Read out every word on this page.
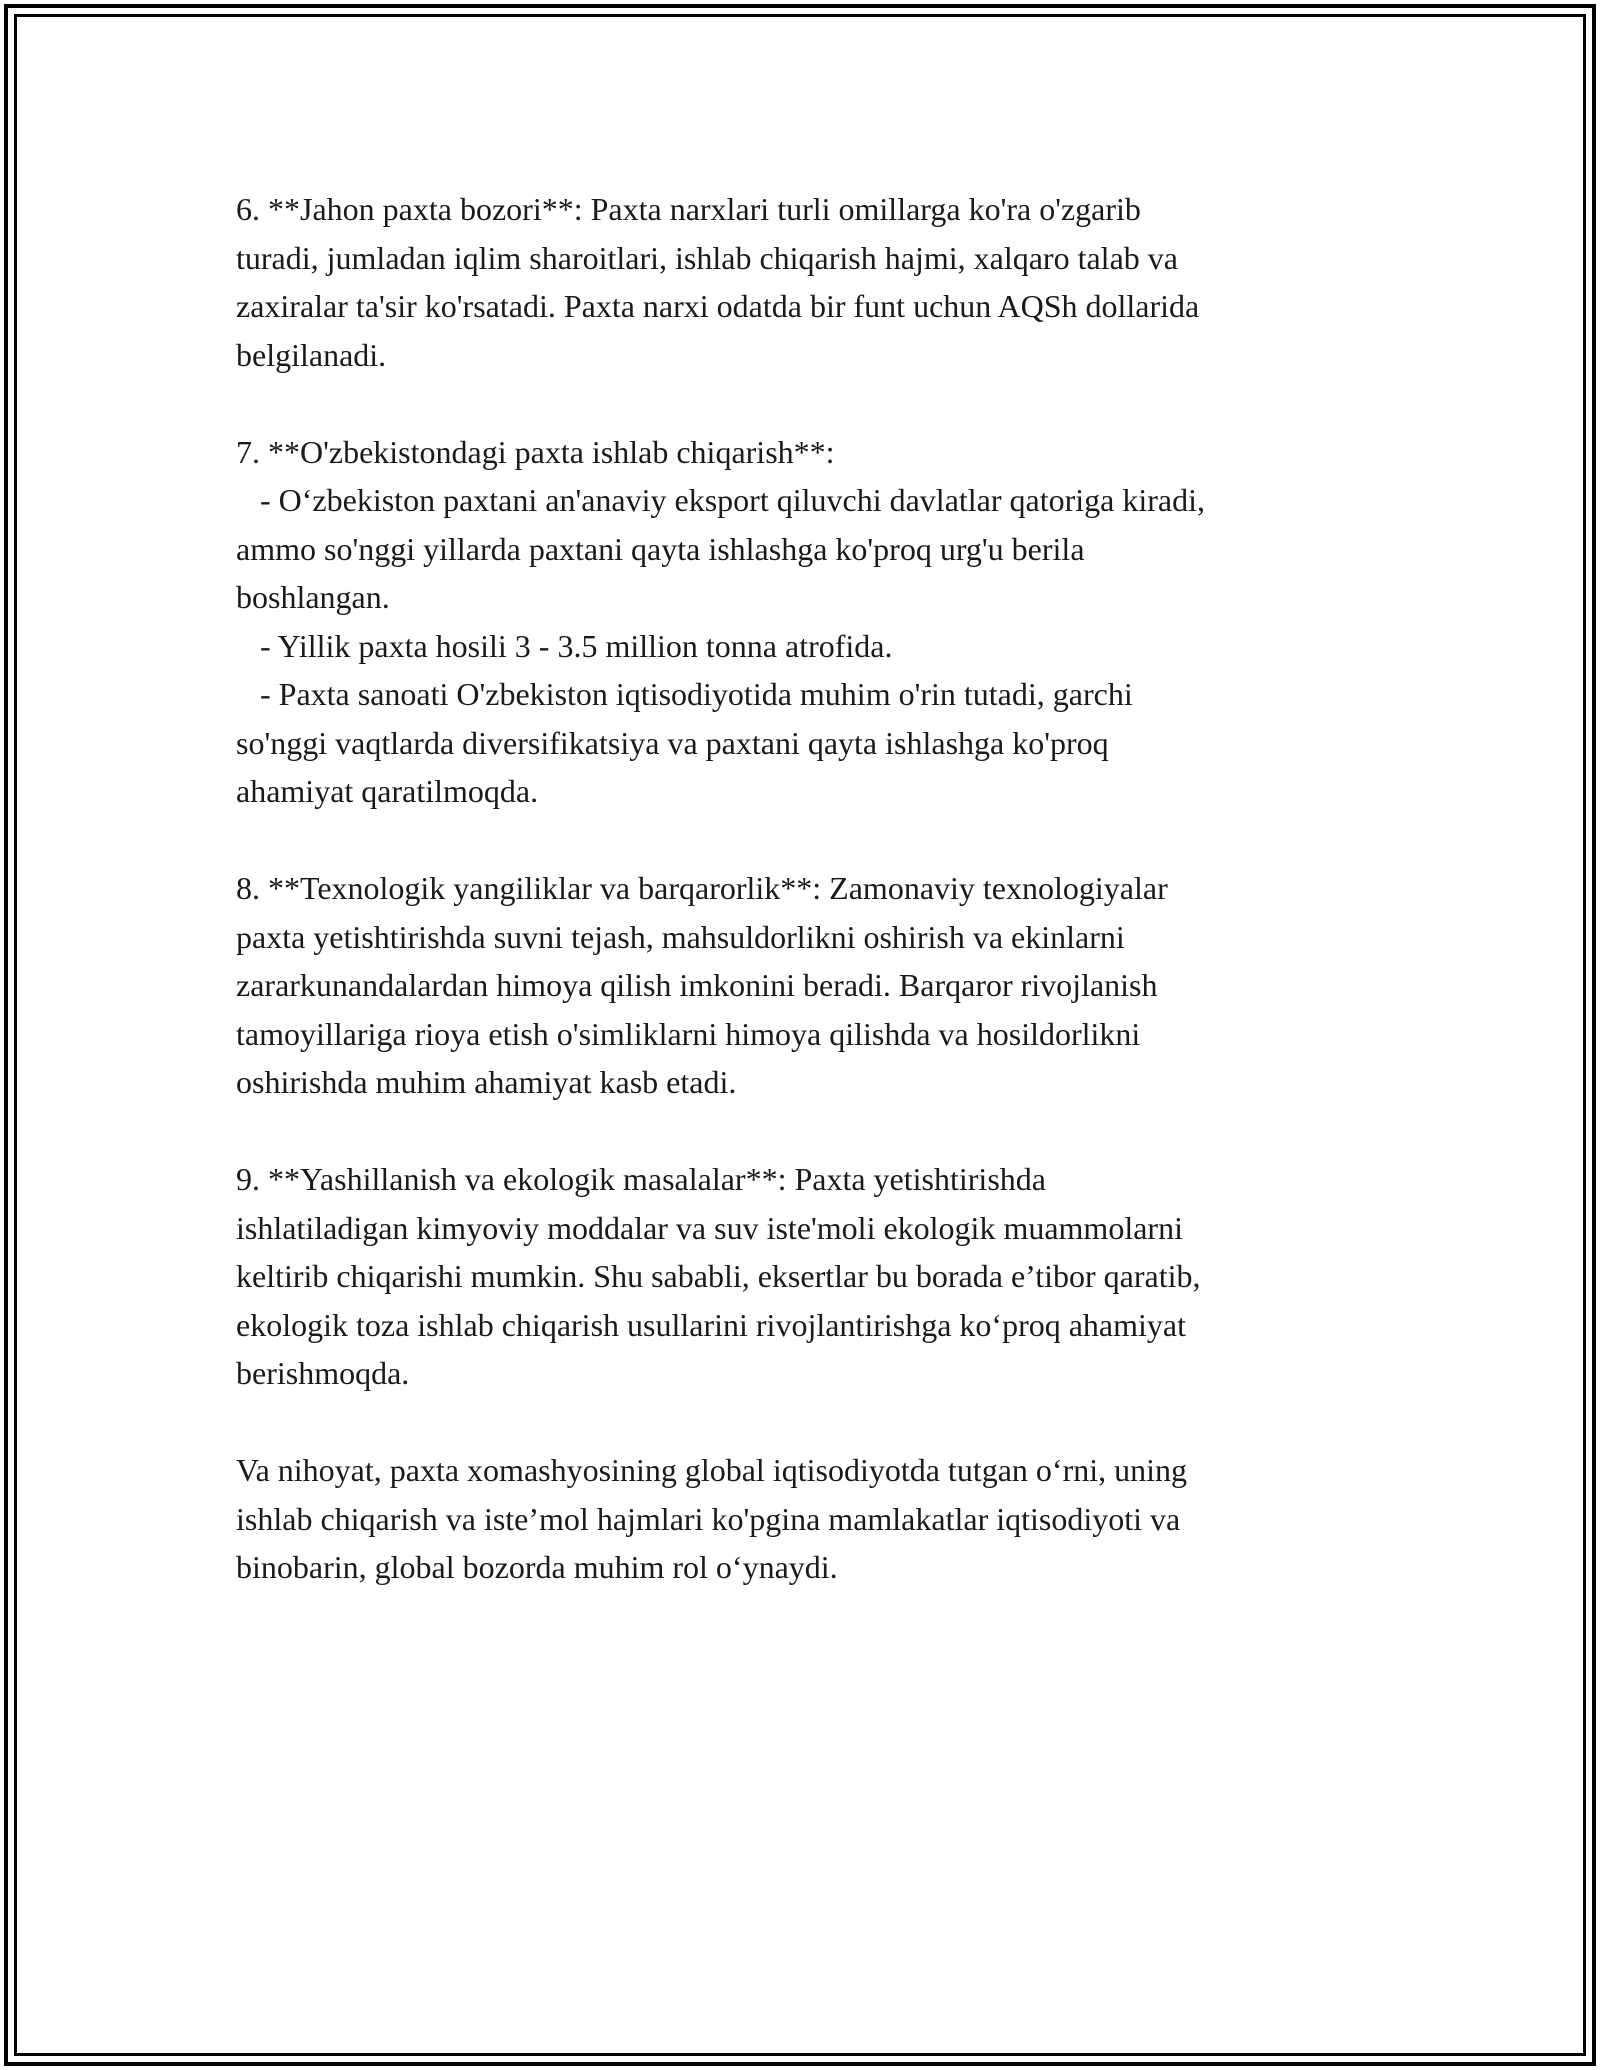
6. **Jahon paxta bozori**: Paxta narxlari turli omillarga ko'ra o'zgarib
turadi, jumladan iqlim sharoitlari, ishlab chiqarish hajmi, xalqaro talab va
zaxiralar ta'sir ko'rsatadi. Paxta narxi odatda bir funt uchun AQSh dollarida
belgilanadi.

7. **O'zbekistondagi paxta ishlab chiqarish**:
- O‘zbekiston paxtani an'anaviy eksport qiluvchi davlatlar qatoriga kiradi,
ammo so'nggi yillarda paxtani qayta ishlashga ko'proq urg'u berila
boshlangan.
- Yillik paxta hosili 3 - 3.5 million tonna atrofida.
- Paxta sanoati O'zbekiston iqtisodiyotida muhim o'rin tutadi, garchi
so'nggi vaqtlarda diversifikatsiya va paxtani qayta ishlashga ko'proq
ahamiyat qaratilmoqda.

8. **Texnologik yangiliklar va barqarorlik**: Zamonaviy texnologiyalar
paxta yetishtirishda suvni tejash, mahsuldorlikni oshirish va ekinlarni
zararkunandalardan himoya qilish imkonini beradi. Barqaror rivojlanish
tamoyillariga rioya etish o'simliklarni himoya qilishda va hosildorlikni
oshirishda muhim ahamiyat kasb etadi.

9. **Yashillanish va ekologik masalalar**: Paxta yetishtirishda
ishlatiladigan kimyoviy moddalar va suv iste'moli ekologik muammolarni
keltirib chiqarishi mumkin. Shu sababli, eksertlar bu borada e’tibor qaratib,
ekologik toza ishlab chiqarish usullarini rivojlantirishga ko‘proq ahamiyat
berishmoqda.

Va nihoyat, paxta xomashyosining global iqtisodiyotda tutgan o‘rni, uning
ishlab chiqarish va iste’mol hajmlari ko'pgina mamlakatlar iqtisodiyoti va
binobarin, global bozorda muhim rol o‘ynaydi.
